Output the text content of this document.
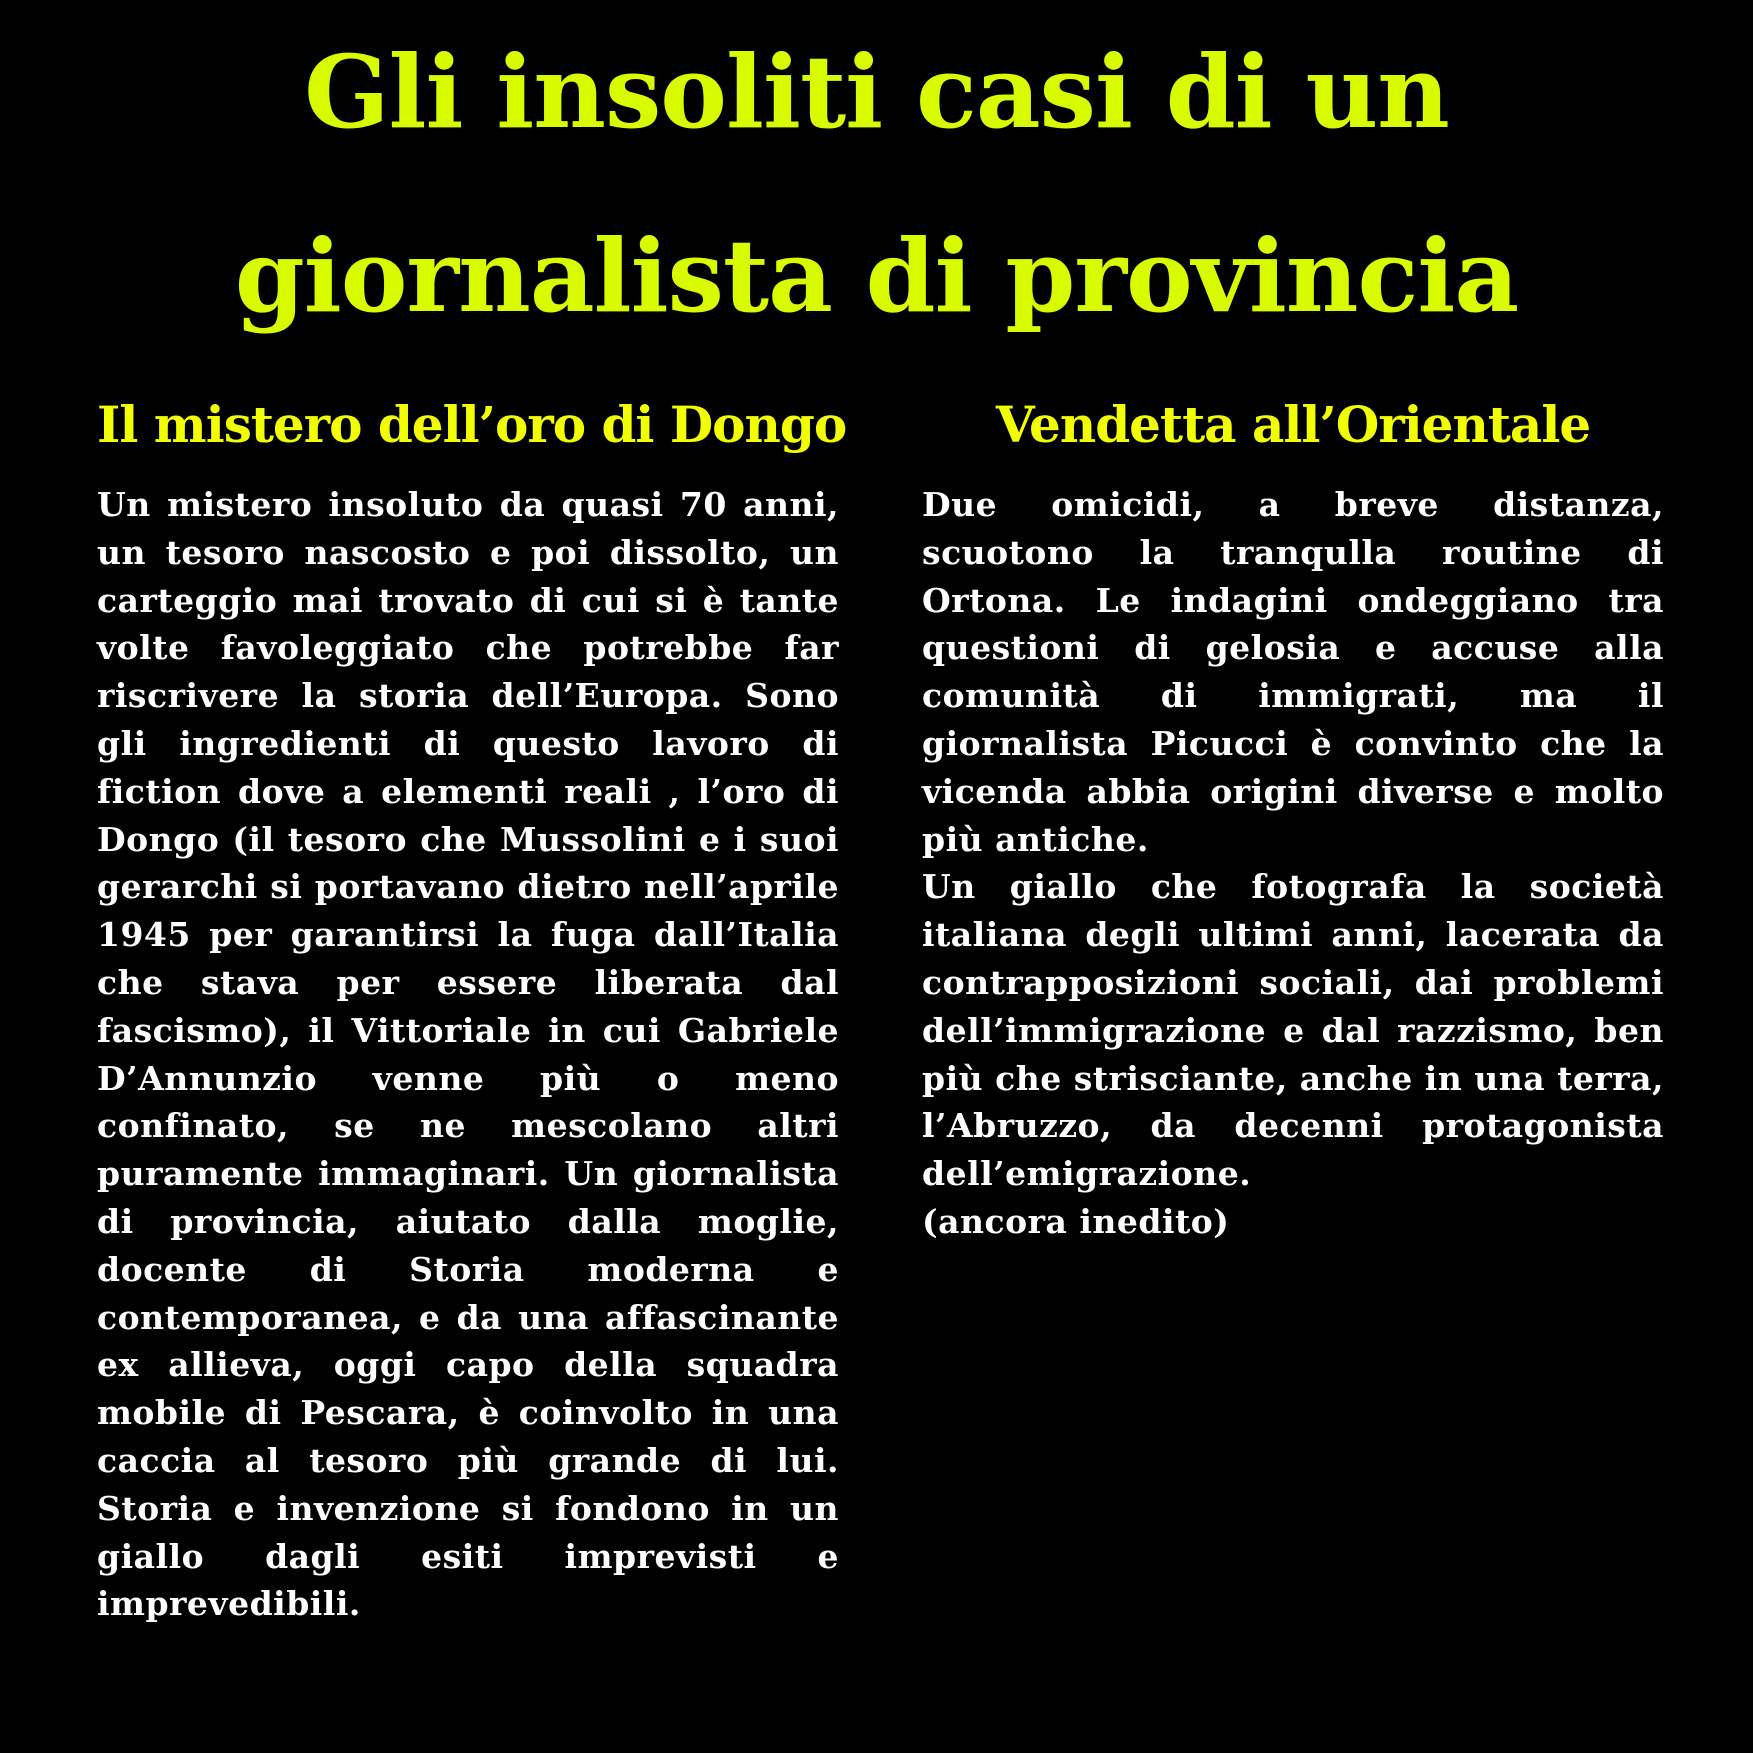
Gli insoliti casi di un
giornalista di provincia
Il mistero dell’oro di Dongo

Un mistero insoluto da quasi 70 anni, un tesoro nascosto e poi dissolto, un carteggio mai trovato di cui si è tante volte favoleggiato che potrebbe far riscrivere la storia dell’Europa. Sono gli ingredienti di questo lavoro di fiction dove a elementi reali , l’oro di Dongo (il tesoro che Mussolini e i suoi gerarchi si portavano dietro nell’aprile 1945 per garantirsi la fuga dall’Italia che stava per essere liberata dal fascismo), il Vittoriale in cui Gabriele D’Annunzio venne più o meno confinato, se ne mescolano altri puramente immaginari. Un giornalista di provincia, aiutato dalla moglie, docente di Storia moderna e contemporanea, e da una affascinante ex allieva, oggi capo della squadra mobile di Pescara, è coinvolto in una caccia al tesoro più grande di lui. Storia e invenzione si fondono in un giallo dagli esiti imprevisti e imprevedibili.

Vendetta all’Orientale

Due omicidi, a breve distanza, scuotono la tranqulla routine di Ortona. Le indagini ondeggiano tra questioni di gelosia e accuse alla comunità di immigrati, ma il giornalista Picucci è convinto che la vicenda abbia origini diverse e molto più antiche.

Un giallo che fotografa la società italiana degli ultimi anni, lacerata da contrapposizioni sociali, dai problemi dell’immigrazione e dal razzismo, ben più che strisciante, anche in una terra, l’Abruzzo, da decenni protagonista dell’emigrazione.

(ancora inedito)
